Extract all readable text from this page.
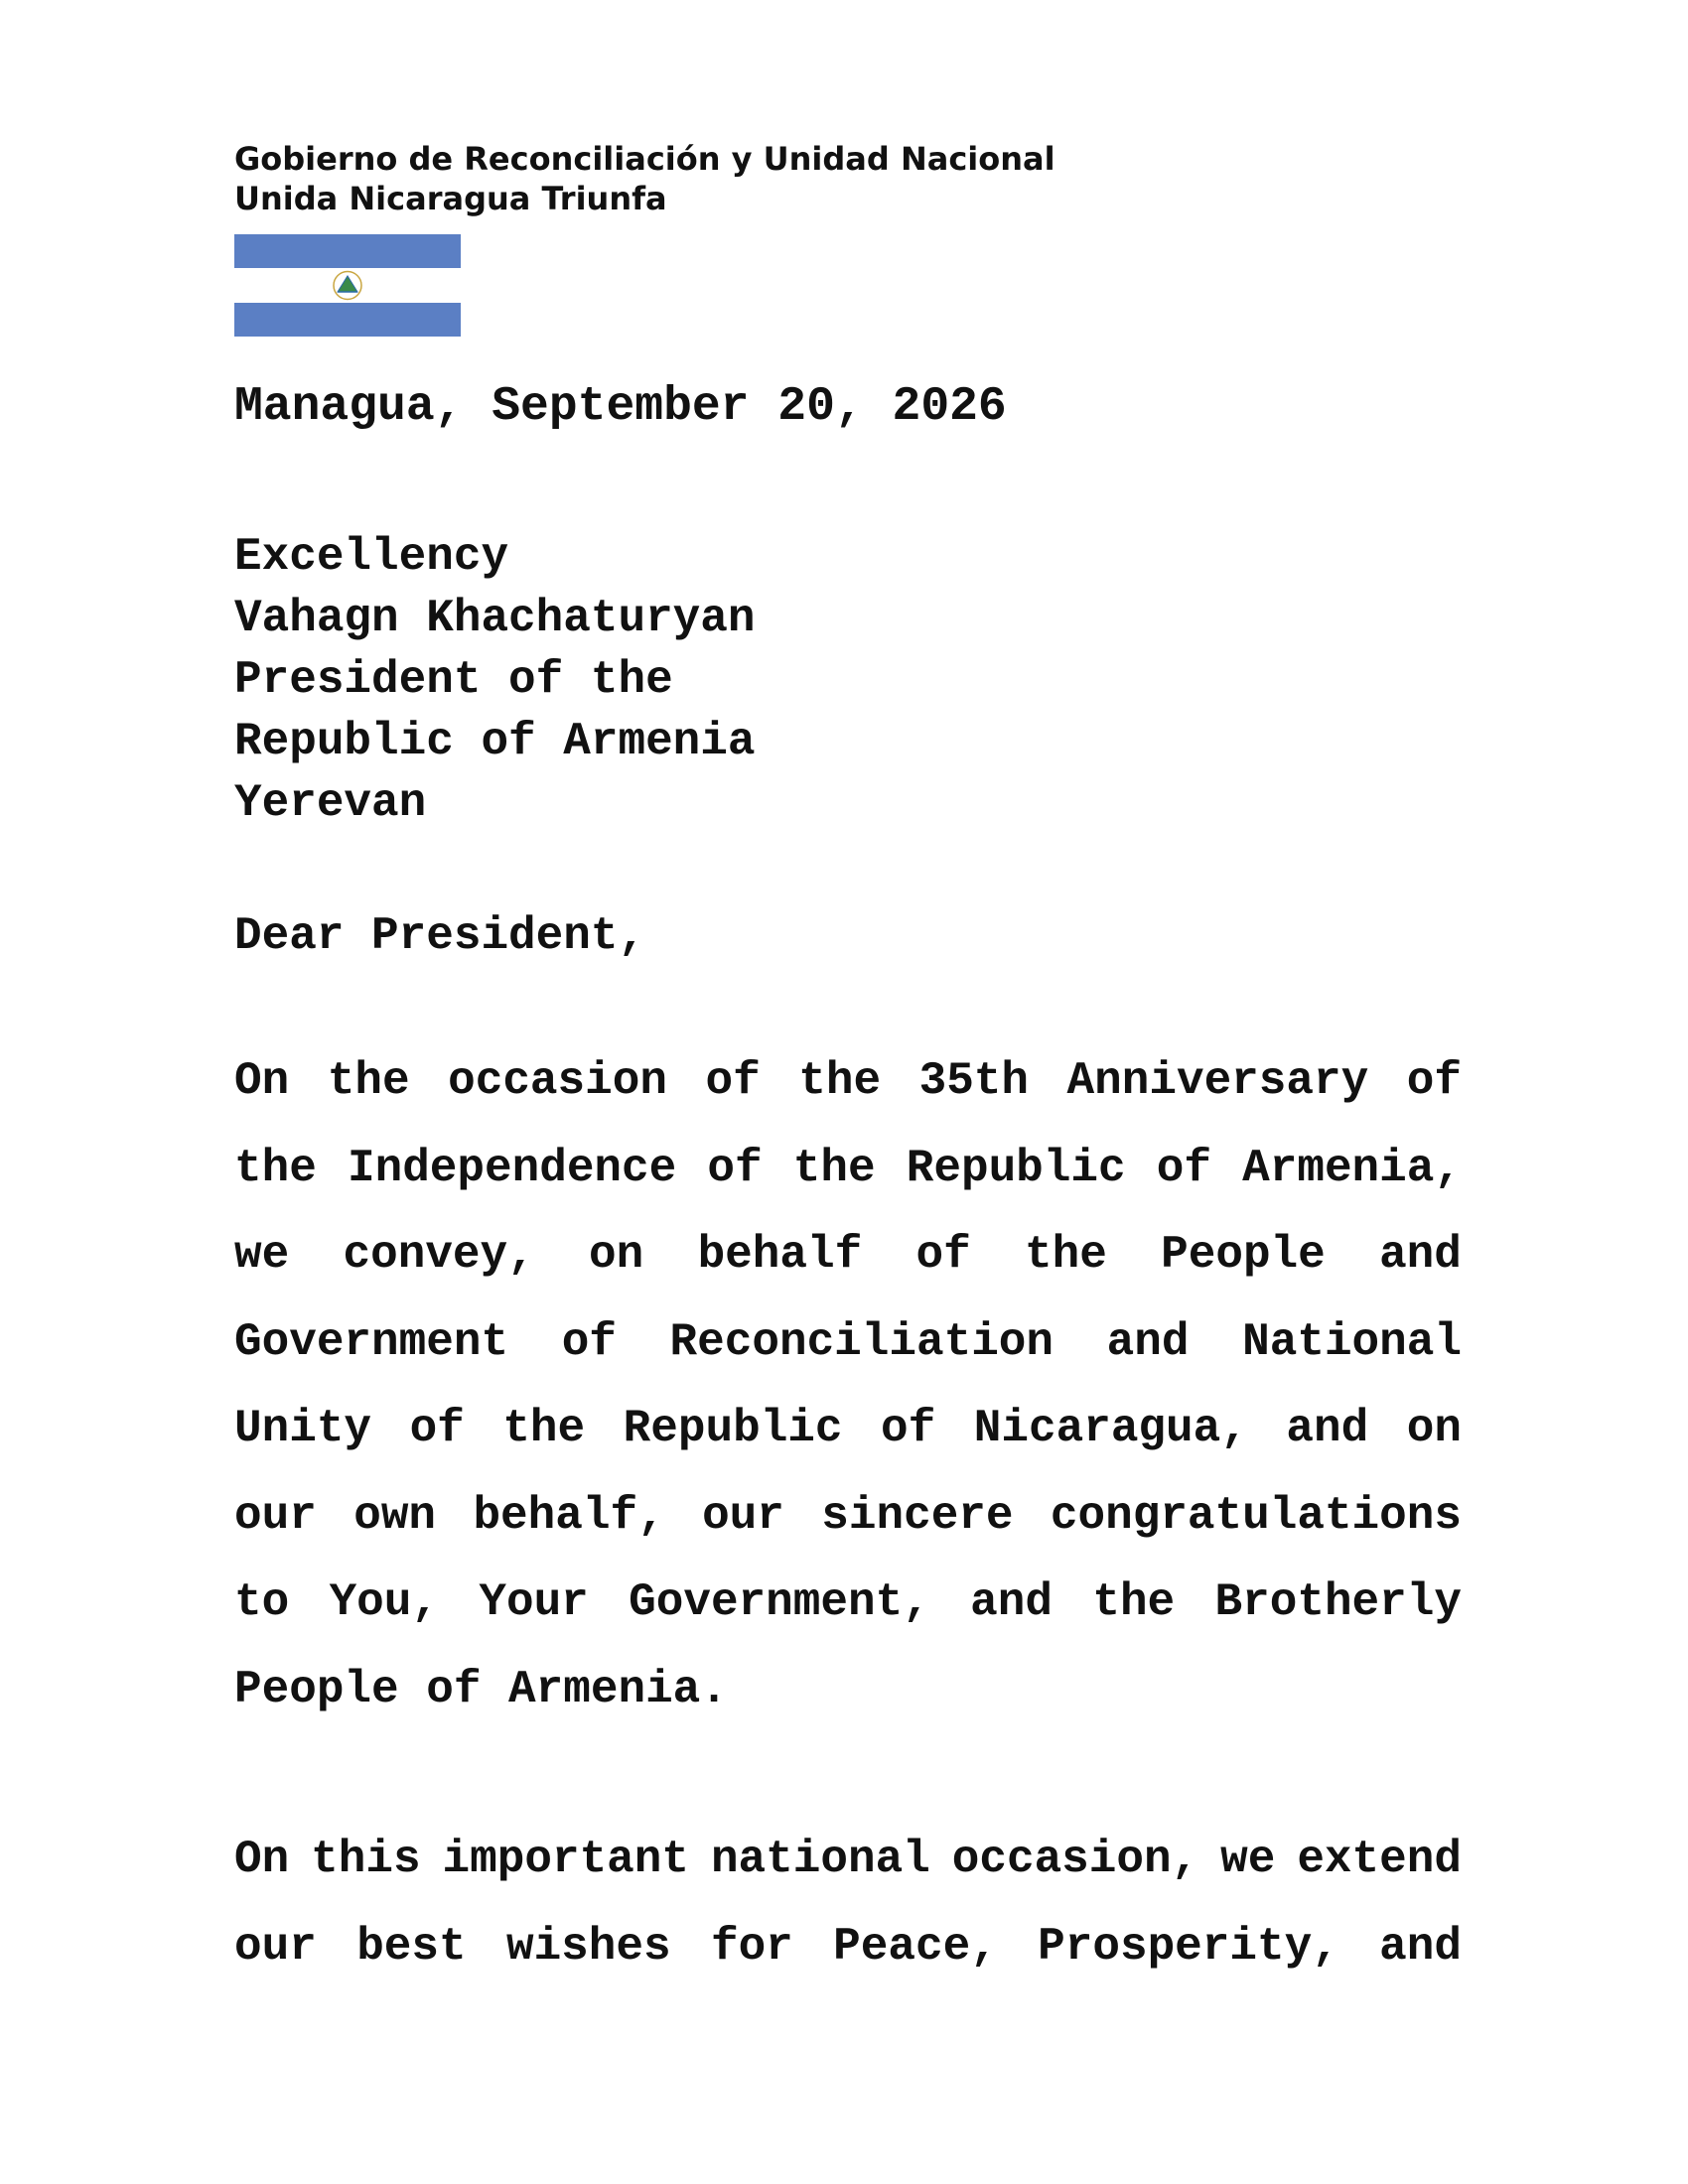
Gobierno de Reconciliación y Unidad Nacional
Unida Nicaragua Triunfa
Managua, September 20, 2026
Excellency
Vahagn Khachaturyan
President of the
Republic of Armenia
Yerevan
Dear President,
On the occasion of the 35th Anniversary of
the Independence of the Republic of Armenia,
we convey, on behalf of the People and
Government of Reconciliation and National
Unity of the Republic of Nicaragua, and on
our own behalf, our sincere congratulations
to You, Your Government, and the Brotherly
People of Armenia.
On this important national occasion, we extend
our best wishes for Peace, Prosperity, and
